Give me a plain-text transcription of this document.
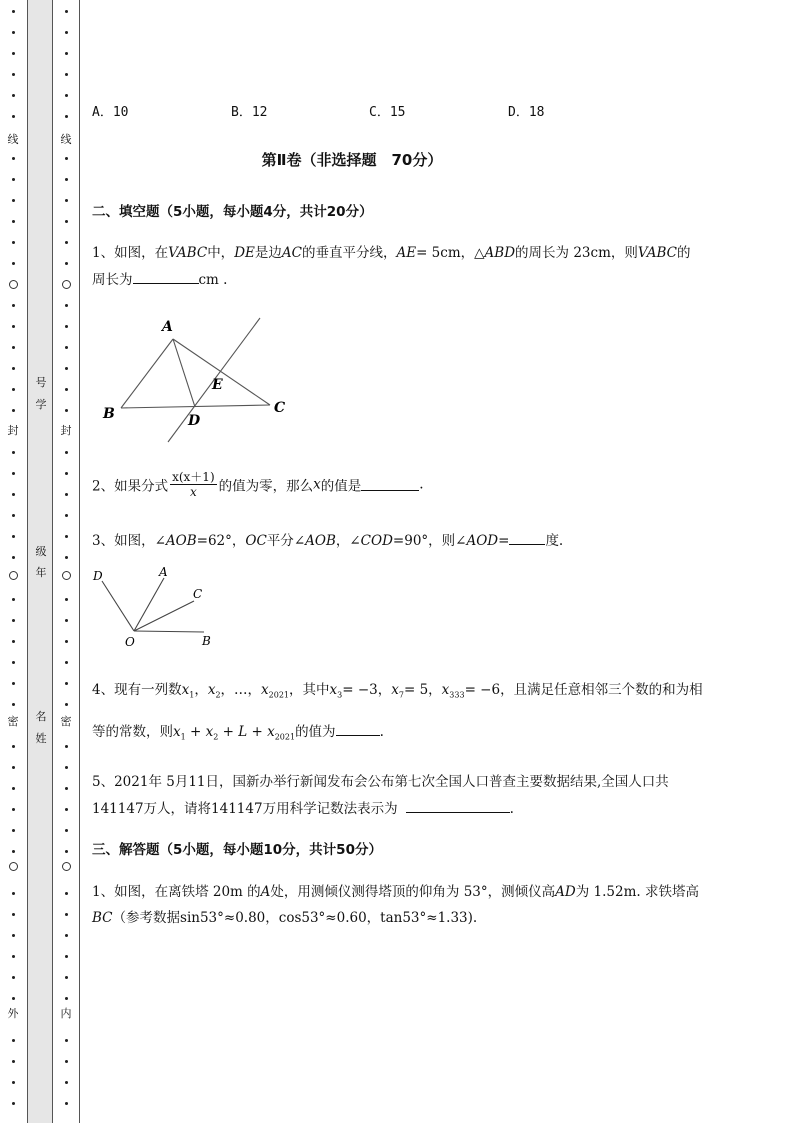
线
封
密
外
号
学
级
年
名
姓
线
封
密
内
A．10	B．12	C．15	D．18
第Ⅱ卷（非选择题　70分）
二、填空题（5小题，每小题4分，共计20分）
1、如图，在VABC中，DE是边AC的垂直平分线，AE= 5cm，△ABD的周长为 23cm，则VABC的
周长为	cm .
A
B	C
D
E
2、如果分式 $\frac{x(x+1)}{x}$ 的值为零，那么x的值是	.
3、如图，∠AOB=62°，OC平分∠AOB，∠COD=90°，则∠AOD=	度.
D	A
C
O	B
4、现有一列数$x_1$，$x_2$，…，$x_{2021}$，其中$x_3= -3$，$x_7= 5$，$x_{333}= -6$，且满足任意相邻三个数的和为相
等的常数，则$x_1 + x_2 + L + x_{2021}$的值为	.
5、2021年 5月11日，国新办举行新闻发布会公布第七次全国人口普查主要数据结果,全国人口共
141147万人，请将141147万用科学记数法表示为	.
三、解答题（5小题，每小题10分，共计50分）
1、如图，在离铁塔 20m 的A处，用测倾仪测得塔顶的仰角为 53°，测倾仪高AD为 1.52m. 求铁塔高
BC（参考数据sin53°≈0.80，cos53°≈0.60，tan53°≈1.33).
